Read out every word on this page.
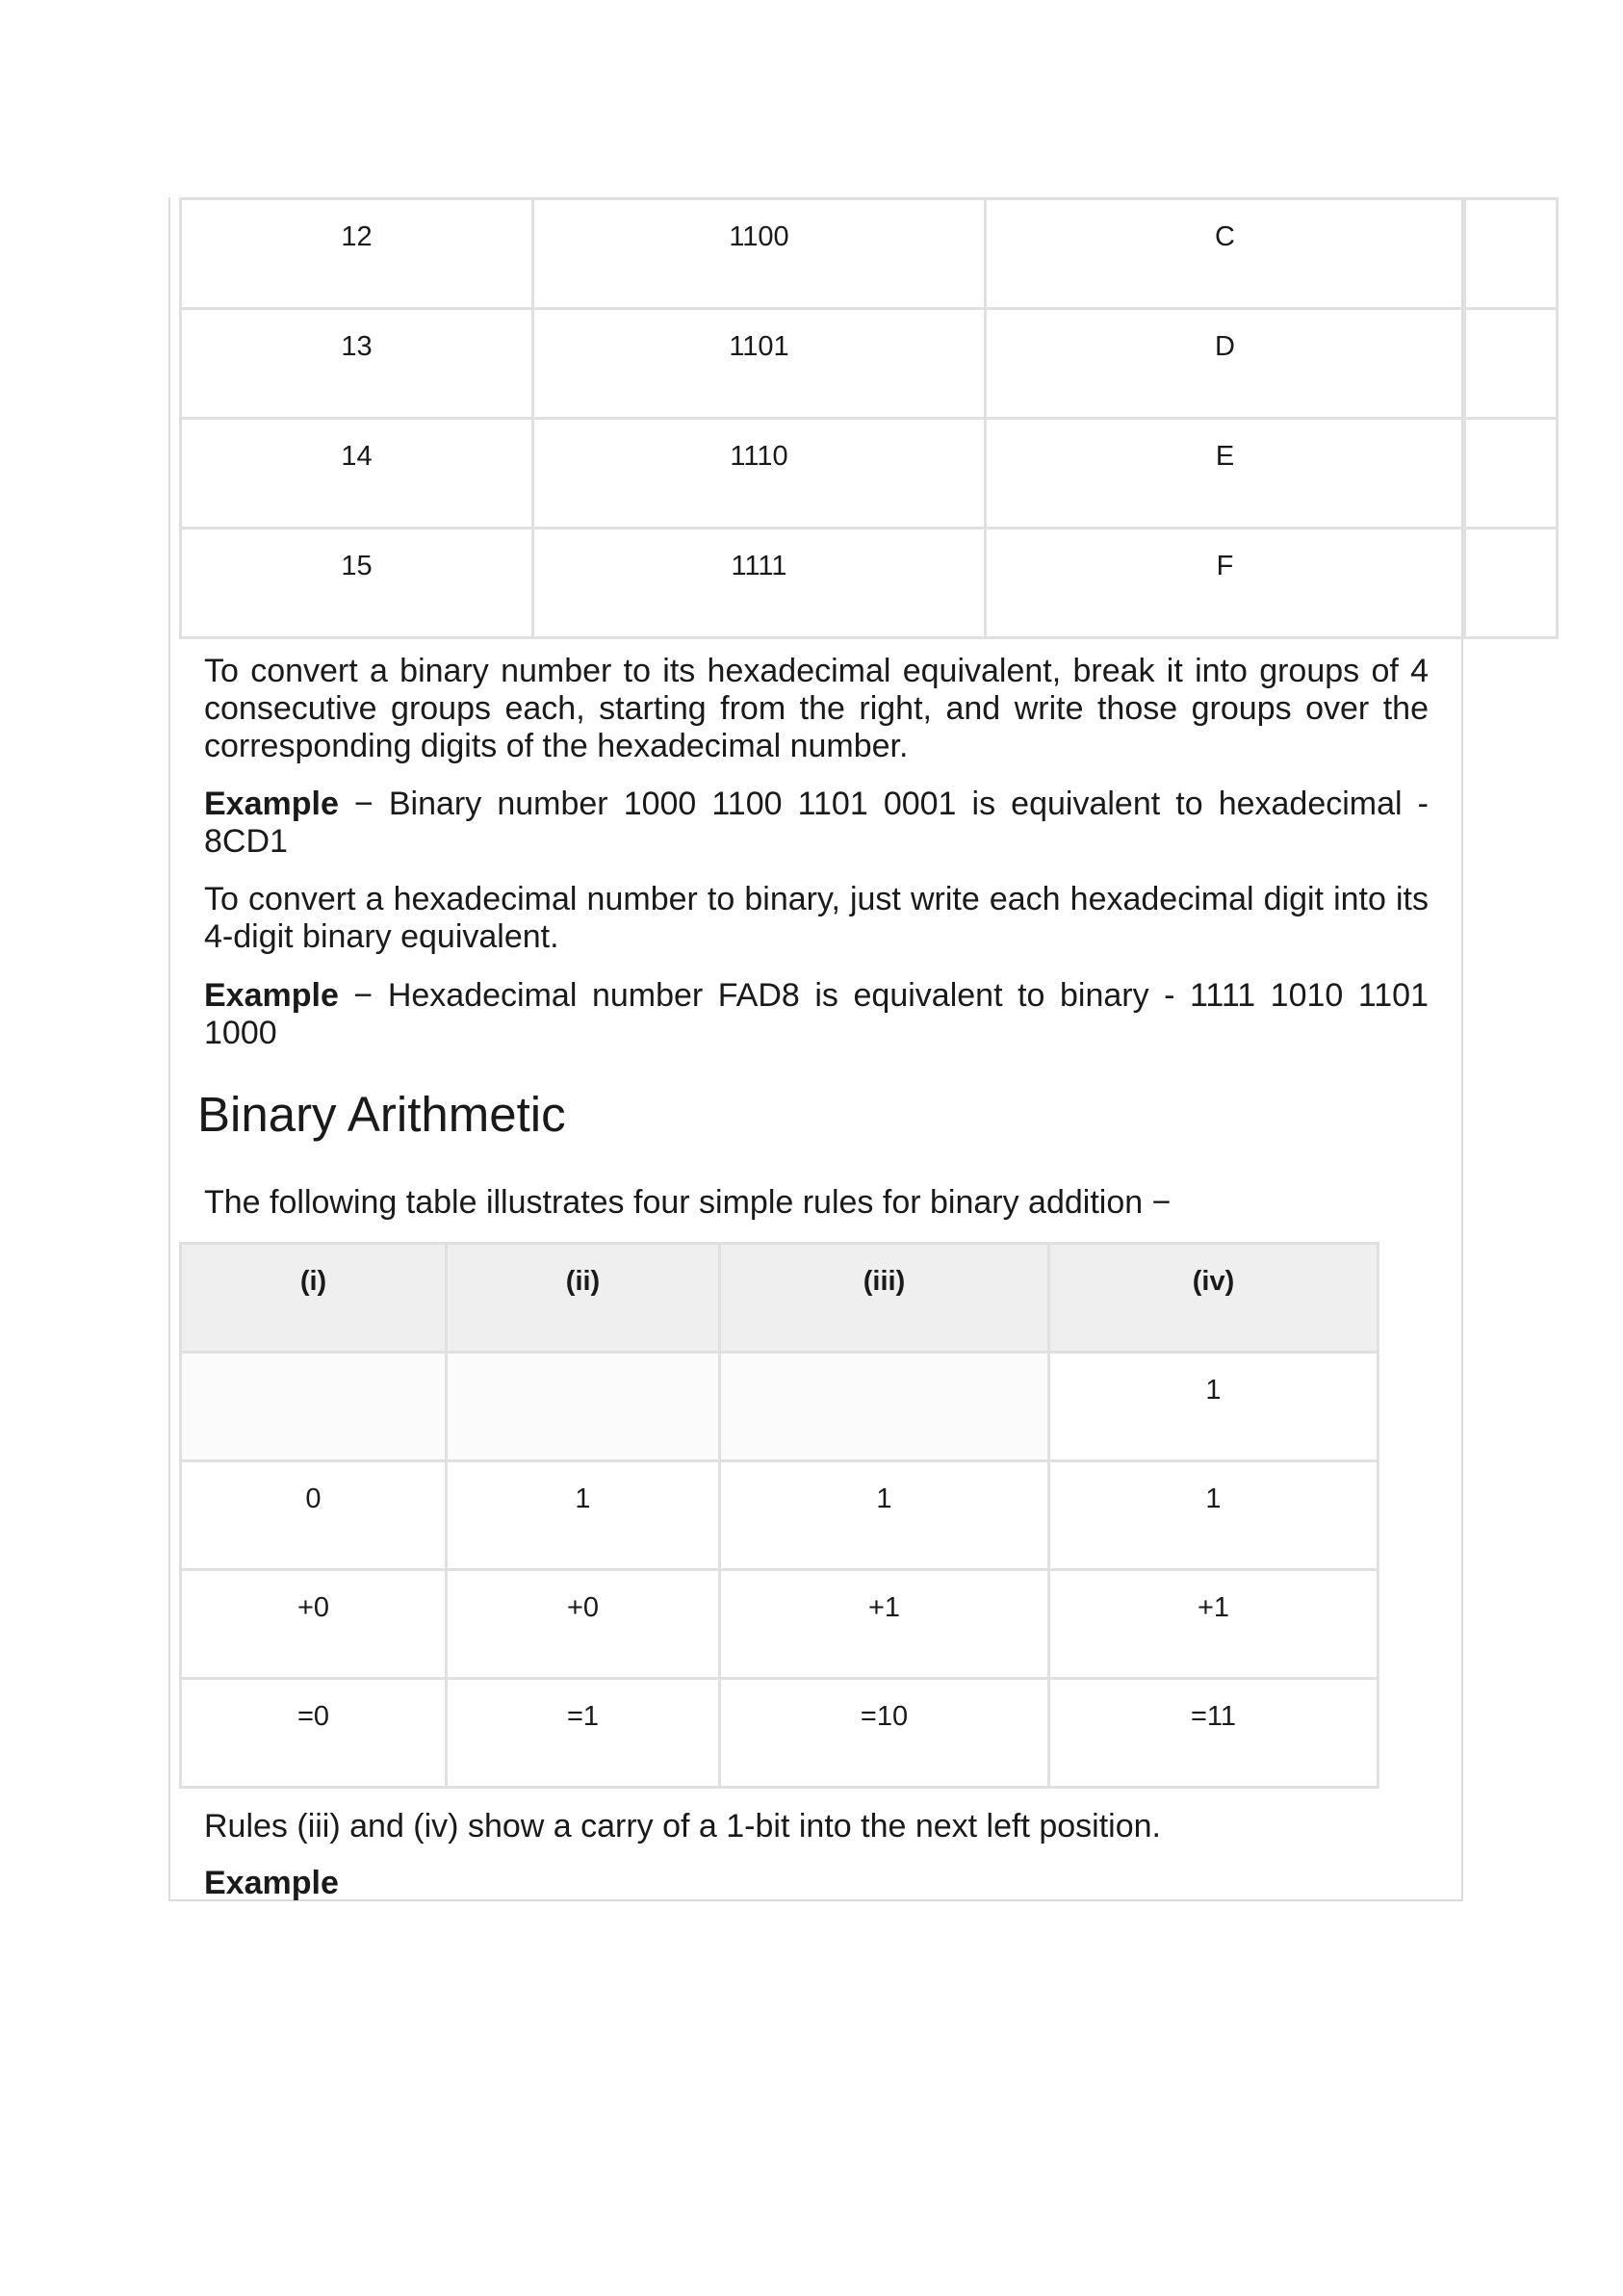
12	1100	C	
13	1101	D	
14	1110	E	
15	1111	F	

To convert a binary number to its hexadecimal equivalent, break it into groups of 4 consecutive groups each, starting from the right, and write those groups over the corresponding digits of the hexadecimal number.

Example − Binary number 1000 1100 1101 0001 is equivalent to hexadecimal - 8CD1

To convert a hexadecimal number to binary, just write each hexadecimal digit into its 4-digit binary equivalent.

Example − Hexadecimal number FAD8 is equivalent to binary - 1111 1010 1101 1000

Binary Arithmetic

The following table illustrates four simple rules for binary addition −

(i)	(ii)	(iii)	(iv)
			1
0	1	1	1
+0	+0	+1	+1
=0	=1	=10	=11

Rules (iii) and (iv) show a carry of a 1-bit into the next left position.

Example
